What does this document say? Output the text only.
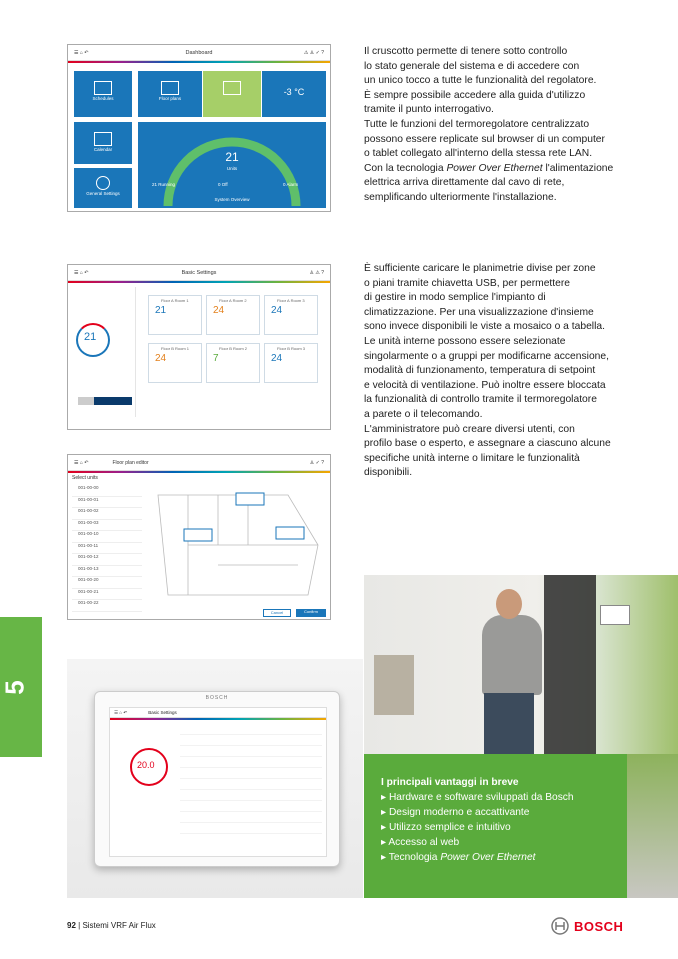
☰ ⌂ ↶	Dashboard	⚠ ♙ ✓ ?
Schedules	Floor plans
-3 °C
Calendar
General Settings
21
Units
21 Running	0 Off	0 Alarm
System Overview

Il cruscotto permette di tenere sotto controllo
lo stato generale del sistema e di accedere con
un unico tocco a tutte le funzionalità del regolatore.
È sempre possibile accedere alla guida d'utilizzo
tramite il punto interrogativo.
Tutte le funzioni del termoregolatore centralizzato
possono essere replicate sul browser di un computer
o tablet collegato all'interno della stessa rete LAN.
Con la tecnologia Power Over Ethernet l'alimentazione
elettrica arriva direttamente dal cavo di rete,
semplificando ulteriormente l'installazione.

☰ ⌂ ↶	Basic Settings	♙ ⚠ ?
21
Floor A Room 1
21
Floor A Room 2
24
Floor A Room 3
24
Floor B Room 1
24
Floor B Room 2
7
Floor B Room 3
24

È sufficiente caricare le planimetrie divise per zone
o piani tramite chiavetta USB, per permettere
di gestire in modo semplice l'impianto di
climatizzazione. Per una visualizzazione d'insieme
sono invece disponibili le viste a mosaico o a tabella.
Le unità interne possono essere selezionate
singolarmente o a gruppi per modificarne accensione,
modalità di funzionamento, temperatura di setpoint
e velocità di ventilazione. Può inoltre essere bloccata
la funzionalità di controllo tramite il termoregolatore
a parete o il telecomando.
L'amministratore può creare diversi utenti, con
profilo base o esperto, e assegnare a ciascuno alcune
specifiche unità interne o limitare le funzionalità
disponibili.

☰ ⌂ ↶	Floor plan editor	♙ ✓ ?
Select units
001-00-00
001-00-01
001-00-02
001-00-03
001-00-10
001-00-11
001-00-12
001-00-13
001-00-20
001-00-21
001-00-22
Cancel	Confirm
5
BOSCH
☰ ⌂ ↶	Basic Settings
20.0
I principali vantaggi in breve
▸ Hardware e software sviluppati da Bosch
▸ Design moderno e accattivante
▸ Utilizzo semplice e intuitivo
▸ Accesso al web
▸ Tecnologia Power Over Ethernet
92 | Sistemi VRF Air Flux	BOSCH
